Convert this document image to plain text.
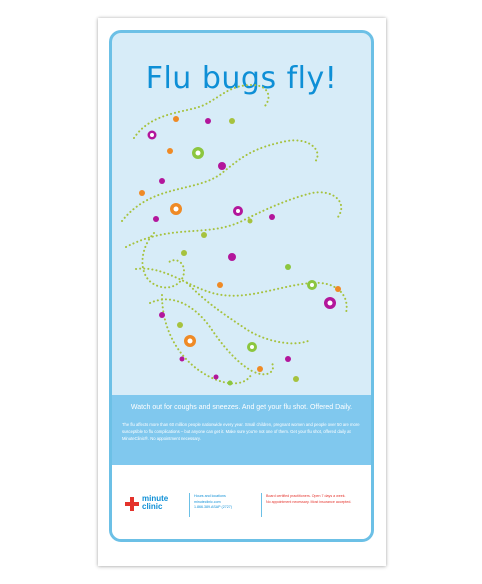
Flu bugs fly!
Watch out for coughs and sneezes. And get your flu shot. Offered Daily.
The flu affects more than 60 million people nationwide every year. Small children, pregnant women and people over 50 are more susceptible to flu complications – but anyone can get it. Make sure you're not one of them. Get your flu shot, offered daily at MinuteClinic®. No appointment necessary.
minute
clinic
Hours and locations
minuteclinic.com
1.866.389.ASAP (2727)
Board certified practitioners. Open 7 days a week.
No appointment necessary. Most insurance accepted.
